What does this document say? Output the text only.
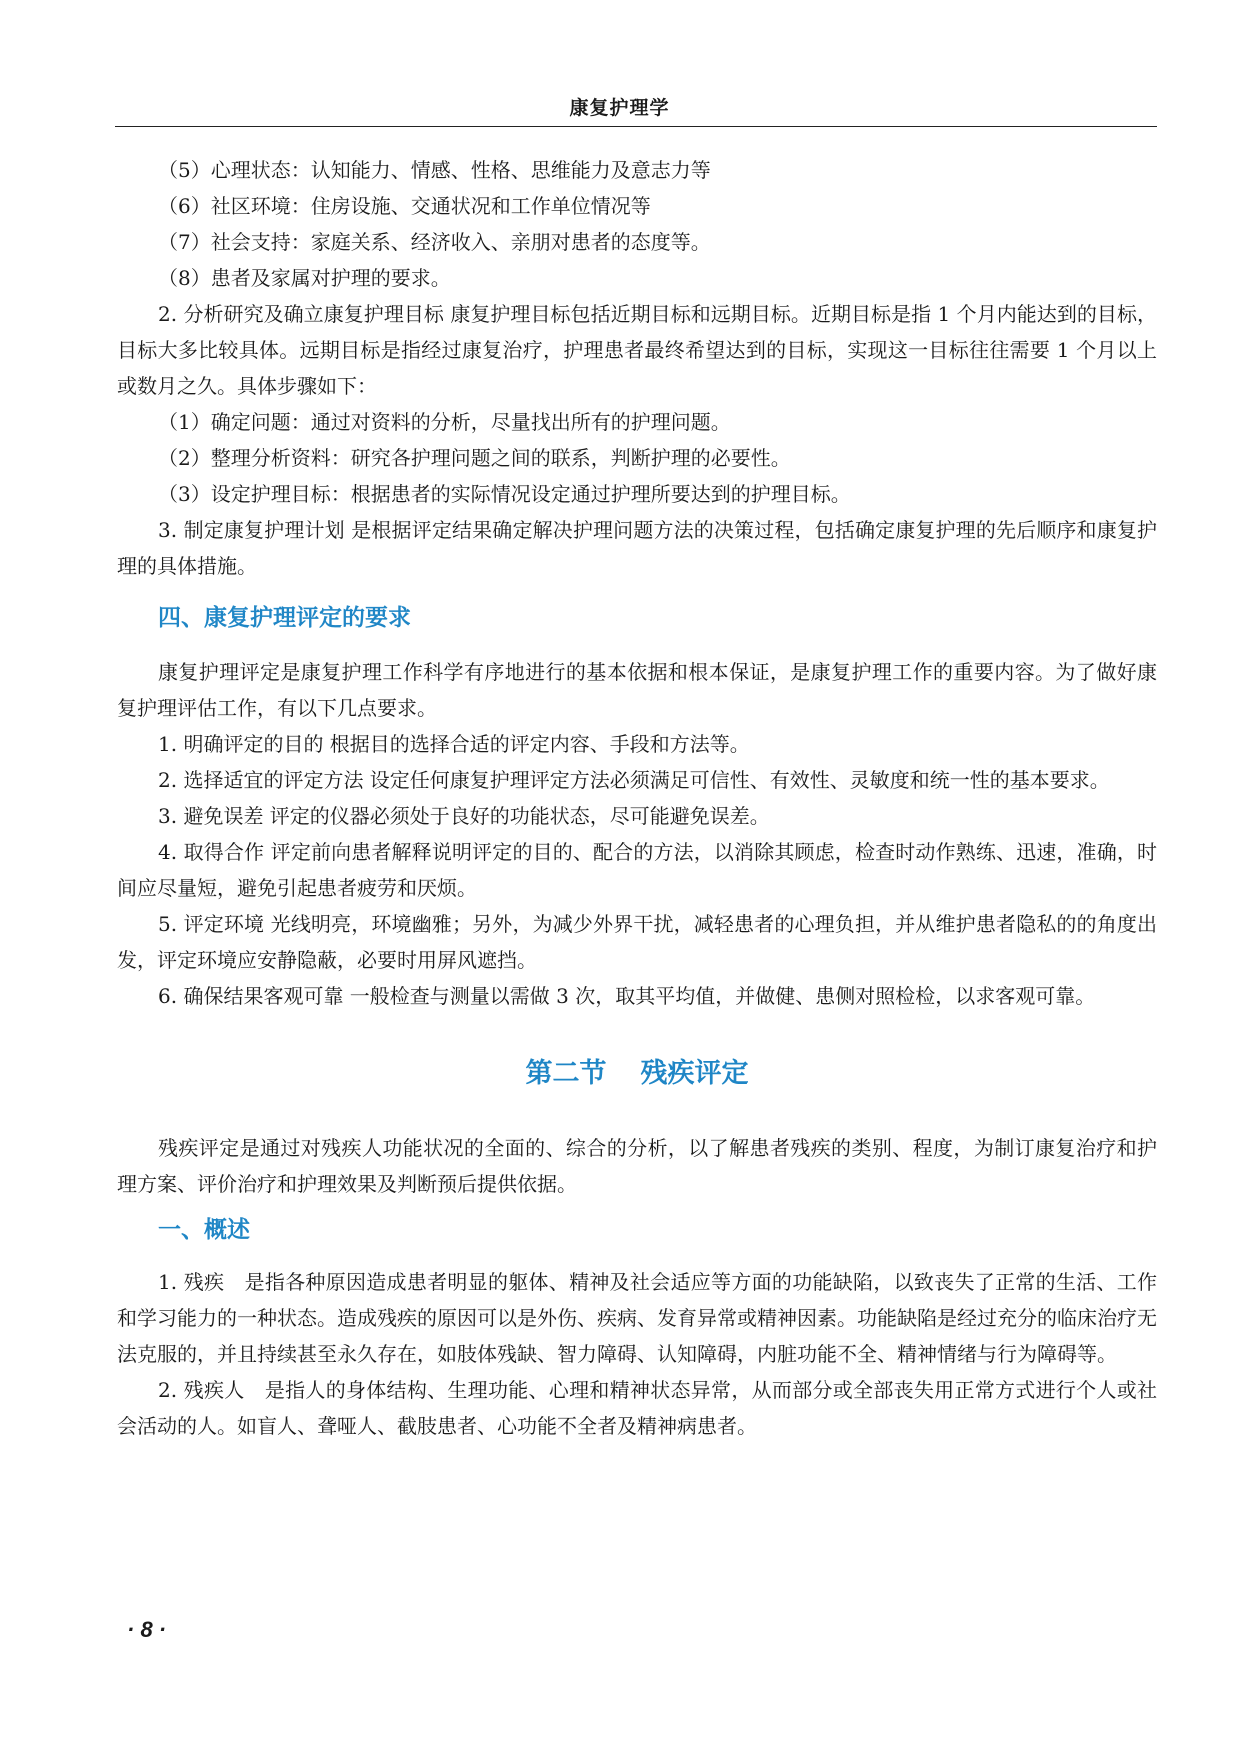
康复护理学

（5）心理状态：认知能力、情感、性格、思维能力及意志力等

（6）社区环境：住房设施、交通状况和工作单位情况等

（7）社会支持：家庭关系、经济收入、亲朋对患者的态度等。

（8）患者及家属对护理的要求。

2. 分析研究及确立康复护理目标 康复护理目标包括近期目标和远期目标。近期目标是指 1 个月内能达到的目标，目标大多比较具体。远期目标是指经过康复治疗，护理患者最终希望达到的目标，实现这一目标往往需要 1 个月以上或数月之久。具体步骤如下：

（1）确定问题：通过对资料的分析，尽量找出所有的护理问题。

（2）整理分析资料：研究各护理问题之间的联系，判断护理的必要性。

（3）设定护理目标：根据患者的实际情况设定通过护理所要达到的护理目标。

3. 制定康复护理计划 是根据评定结果确定解决护理问题方法的决策过程，包括确定康复护理的先后顺序和康复护理的具体措施。

四、康复护理评定的要求

康复护理评定是康复护理工作科学有序地进行的基本依据和根本保证，是康复护理工作的重要内容。为了做好康复护理评估工作，有以下几点要求。

1. 明确评定的目的 根据目的选择合适的评定内容、手段和方法等。

2. 选择适宜的评定方法 设定任何康复护理评定方法必须满足可信性、有效性、灵敏度和统一性的基本要求。

3. 避免误差 评定的仪器必须处于良好的功能状态，尽可能避免误差。

4. 取得合作 评定前向患者解释说明评定的目的、配合的方法，以消除其顾虑，检查时动作熟练、迅速，准确，时间应尽量短，避免引起患者疲劳和厌烦。

5. 评定环境 光线明亮，环境幽雅；另外，为减少外界干扰，减轻患者的心理负担，并从维护患者隐私的的角度出发，评定环境应安静隐蔽，必要时用屏风遮挡。

6. 确保结果客观可靠 一般检查与测量以需做 3 次，取其平均值，并做健、患侧对照检检，以求客观可靠。

第二节 残疾评定

残疾评定是通过对残疾人功能状况的全面的、综合的分析，以了解患者残疾的类别、程度，为制订康复治疗和护理方案、评价治疗和护理效果及判断预后提供依据。

一、概述

1. 残疾　是指各种原因造成患者明显的躯体、精神及社会适应等方面的功能缺陷，以致丧失了正常的生活、工作和学习能力的一种状态。造成残疾的原因可以是外伤、疾病、发育异常或精神因素。功能缺陷是经过充分的临床治疗无法克服的，并且持续甚至永久存在，如肢体残缺、智力障碍、认知障碍，内脏功能不全、精神情绪与行为障碍等。

2. 残疾人　是指人的身体结构、生理功能、心理和精神状态异常，从而部分或全部丧失用正常方式进行个人或社会活动的人。如盲人、聋哑人、截肢患者、心功能不全者及精神病患者。

· 8 ·
